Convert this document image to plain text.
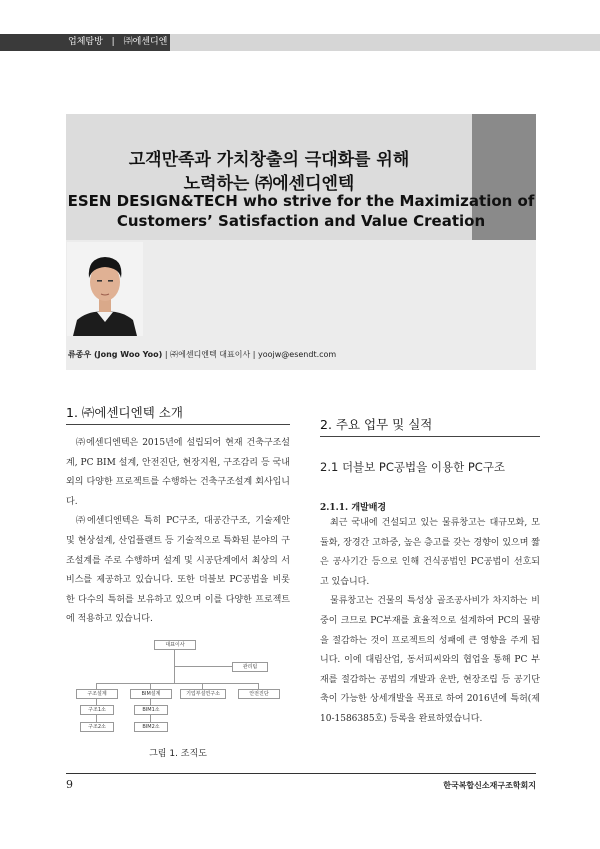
업체탐방 | ㈜에센디엔텍
고객만족과 가치창출의 극대화를 위해
노력하는 ㈜에센디엔텍
ESEN DESIGN&TECH who strive for the Maximization of
Customers’ Satisfaction and Value Creation
류종우 (Jong Woo Yoo) | ㈜에센디엔텍 대표이사 | yoojw@esendt.com
1. ㈜에센디엔텍 소개

㈜에센디엔텍은 2015년에 설립되어 현재 건축구조설계, PC BIM 설계, 안전진단, 현장지원, 구조감리 등 국내외의 다양한 프로젝트를 수행하는 건축구조설계 회사입니다.

㈜에센디엔텍은 특히 PC구조, 대공간구조, 기술제안 및 현상설계, 산업플랜트 등 기술적으로 특화된 분야의 구조설계를 주로 수행하며 설계 및 시공단계에서 최상의 서비스를 제공하고 있습니다. 또한 더블보 PC공법을 비롯한 다수의 특허를 보유하고 있으며 이를 다양한 프로젝트에 적용하고 있습니다.

대표이사
관리팀
구조설계	BIM설계	기업부설연구소	안전진단
구조1소
구조2소
BIM1소
BIM2소
그림 1. 조직도
2. 주요 업무 및 실적
2.1 더블보 PC공법을 이용한 PC구조
2.1.1. 개발배경

최근 국내에 건설되고 있는 물류창고는 대규모화, 모듈화, 장경간 고하중, 높은 층고를 갖는 경향이 있으며 짧은 공사기간 등으로 인해 건식공법인 PC공법이 선호되고 있습니다.

물류창고는 건물의 특성상 골조공사비가 차지하는 비중이 크므로 PC부재를 효율적으로 설계하여 PC의 물량을 절감하는 것이 프로젝트의 성패에 큰 영향을 주게 됩니다. 이에 대림산업, 동서피씨와의 협업을 통해 PC 부재를 절감하는 공법의 개발과 운반, 현장조립 등 공기단축이 가능한 상세개발을 목표로 하여 2016년에 특허(제10-1586385호) 등록을 완료하였습니다.

9	한국복합신소재구조학회지
